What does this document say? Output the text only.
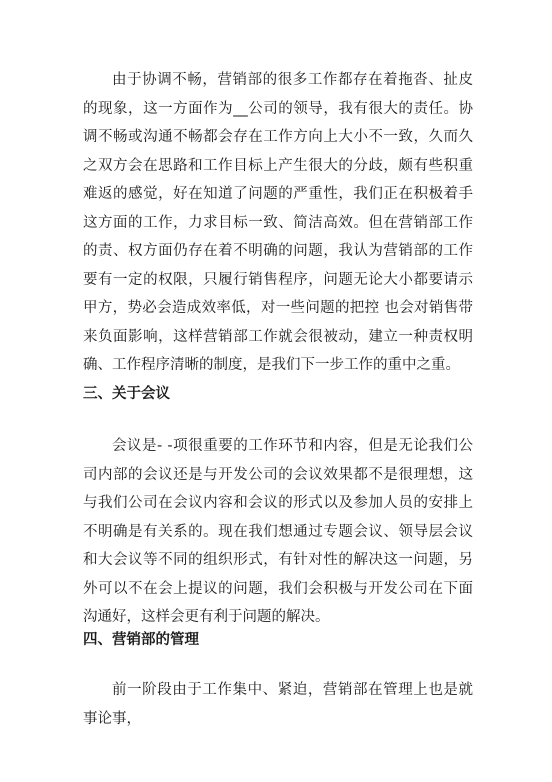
由于协调不畅，营销部的很多工作都存在着拖沓、扯皮的现象，这一方面作为__公司的领导，我有很大的责任。协调不畅或沟通不畅都会存在工作方向上大小不一致，久而久之双方会在思路和工作目标上产生很大的分歧，颇有些积重难返的感觉，好在知道了问题的严重性，我们正在积极着手这方面的工作，力求目标一致、简洁高效。但在营销部工作的责、权方面仍存在着不明确的问题，我认为营销部的工作要有一定的权限，只履行销售程序，问题无论大小都要请示甲方，势必会造成效率低，对一些问题的把控 也会对销售带来负面影响，这样营销部工作就会很被动，建立一种责权明确、工作程序清晰的制度，是我们下一步工作的重中之重。

三、关于会议

会议是- -项很重要的工作环节和内容，但是无论我们公司内部的会议还是与开发公司的会议效果都不是很理想，这与我们公司在会议内容和会议的形式以及参加人员的安排上不明确是有关系的。现在我们想通过专题会议、领导层会议和大会议等不同的组织形式，有针对性的解决这一问题，另外可以不在会上提议的问题，我们会积极与开发公司在下面沟通好，这样会更有利于问题的解决。

四、营销部的管理

前一阶段由于工作集中、紧迫，营销部在管理上也是就事论事，
